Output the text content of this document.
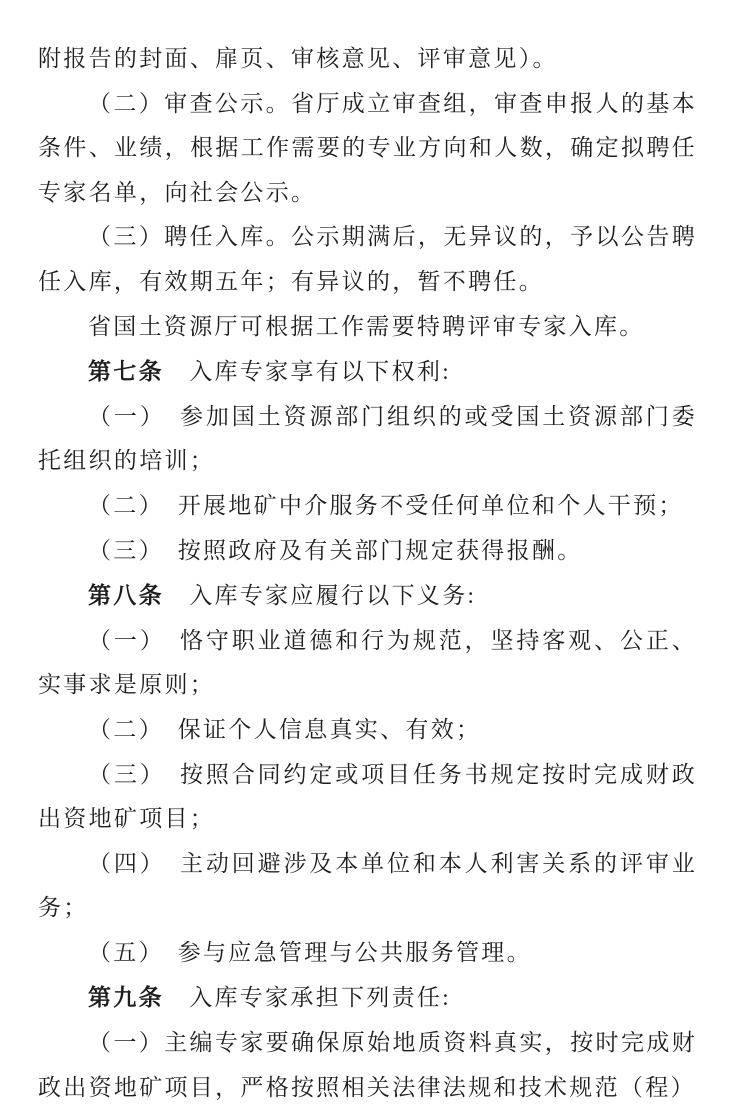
附报告的封面、扉页、审核意见、评审意见）。

（二）审查公示。省厅成立审查组，审查申报人的基本条件、业绩，根据工作需要的专业方向和人数，确定拟聘任专家名单，向社会公示。

（三）聘任入库。公示期满后，无异议的，予以公告聘任入库，有效期五年；有异议的，暂不聘任。

省国土资源厅可根据工作需要特聘评审专家入库。

第七条　入库专家享有以下权利:

（一）　参加国土资源部门组织的或受国土资源部门委托组织的培训；

（二）　开展地矿中介服务不受任何单位和个人干预；

（三）　按照政府及有关部门规定获得报酬。

第八条　入库专家应履行以下义务:

（一）　恪守职业道德和行为规范，坚持客观、公正、实事求是原则；

（二）　保证个人信息真实、有效；

（三）　按照合同约定或项目任务书规定按时完成财政出资地矿项目；

（四）　主动回避涉及本单位和本人利害关系的评审业务；

（五）　参与应急管理与公共服务管理。

第九条　入库专家承担下列责任:

（一）主编专家要确保原始地质资料真实，按时完成财政出资地矿项目，严格按照相关法律法规和技术规范（程）
